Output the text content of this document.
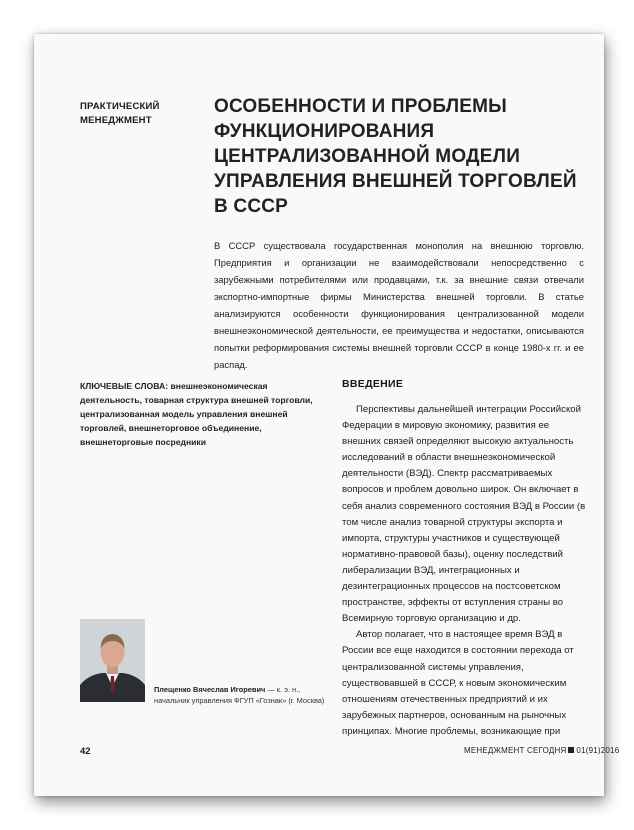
ПРАКТИЧЕСКИЙ
МЕНЕДЖМЕНТ
ОСОБЕННОСТИ И ПРОБЛЕМЫ
ФУНКЦИОНИРОВАНИЯ
ЦЕНТРАЛИЗОВАННОЙ МОДЕЛИ
УПРАВЛЕНИЯ ВНЕШНЕЙ ТОРГОВЛЕЙ В СССР
В СССР существовала государственная монополия на внешнюю торговлю. Предприятия и организации не взаимодействовали непосредственно с зарубежными потребителями или продавцами, т.к. за внешние связи отвечали экспортно-импортные фирмы Министерства внешней торговли. В статье анализируются особенности функционирования централизованной модели внешнеэкономической деятельности, ее преимущества и недостатки, описываются попытки реформирования системы внешней торговли СССР в конце 1980-х гг. и ее распад.
КЛЮЧЕВЫЕ СЛОВА: внешнеэкономическая деятельность, товарная структура внешней торговли, централизованная модель управления внешней торговлей, внешнеторговое объединение, внешнеторговые посредники
ВВЕДЕНИЕ

Перспективы дальнейшей интеграции Российской Федерации в мировую экономику, развития ее внешних связей определяют высокую актуальность исследований в области внешнеэкономической деятельности (ВЭД). Спектр рассматриваемых вопросов и проблем довольно широк. Он включает в себя анализ современного состояния ВЭД в России (в том числе анализ товарной структуры экспорта и импорта, структуры участников и существующей нормативно-правовой базы), оценку последствий либерализации ВЭД, интеграционных и дезинтеграционных процессов на постсоветском пространстве, эффекты от вступления страны во Всемирную торговую организацию и др.

Автор полагает, что в настоящее время ВЭД в России все еще находится в состоянии перехода от централизованной системы управления, существовавшей в СССР, к новым экономическим отношениям отечественных предприятий и их зарубежных партнеров, основанным на рыночных принципах. Многие проблемы, возникающие при

Плещенко Вячеслав Игоревич — к. э. н., начальник управления ФГУП «Гознак» (г. Москва)
42	МЕНЕДЖМЕНТ СЕГОДНЯ 01(91)2016
